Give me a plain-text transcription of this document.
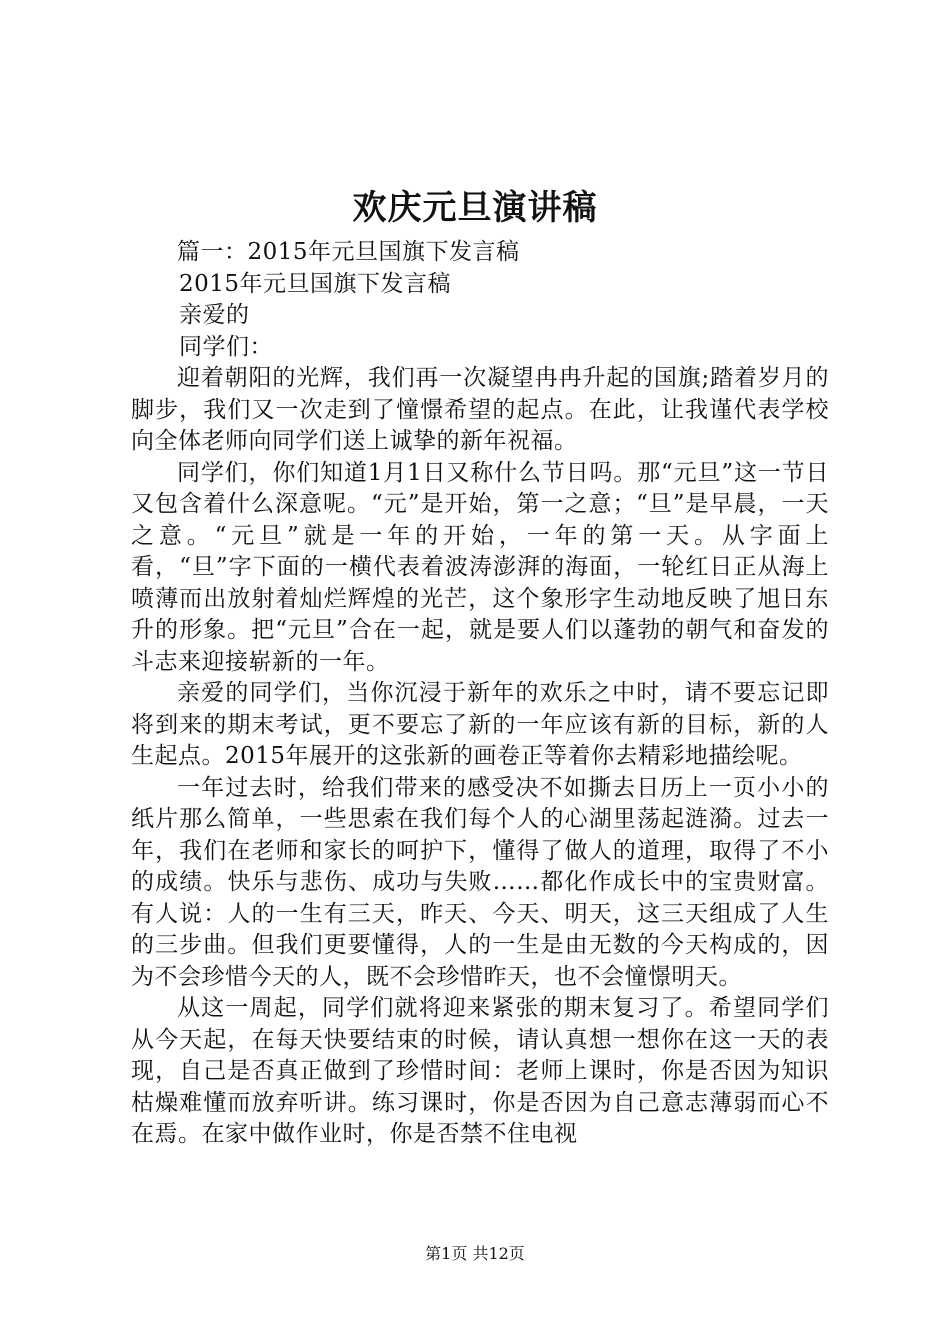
欢庆元旦演讲稿

篇一：2015年元旦国旗下发言稿

2015年元旦国旗下发言稿

亲爱的

同学们：

迎着朝阳的光辉，我们再一次凝望冉冉升起的国旗;踏着岁月的脚步，我们又一次走到了憧憬希望的起点。在此，让我谨代表学校向全体老师向同学们送上诚挚的新年祝福。

同学们，你们知道1月1日又称什么节日吗。那“元旦”这一节日又包含着什么深意呢。“元”是开始，第一之意；“旦”是早晨，一天之意。“元旦”就是一年的开始，一年的第一天。从字面上看，“旦”字下面的一横代表着波涛澎湃的海面，一轮红日正从海上喷薄而出放射着灿烂辉煌的光芒，这个象形字生动地反映了旭日东升的形象。把“元旦”合在一起，就是要人们以蓬勃的朝气和奋发的斗志来迎接崭新的一年。

亲爱的同学们，当你沉浸于新年的欢乐之中时，请不要忘记即将到来的期末考试，更不要忘了新的一年应该有新的目标，新的人生起点。2015年展开的这张新的画卷正等着你去精彩地描绘呢。

一年过去时，给我们带来的感受决不如撕去日历上一页小小的纸片那么简单，一些思索在我们每个人的心湖里荡起涟漪。过去一年，我们在老师和家长的呵护下，懂得了做人的道理，取得了不小的成绩。快乐与悲伤、成功与失败……都化作成长中的宝贵财富。有人说：人的一生有三天，昨天、今天、明天，这三天组成了人生的三步曲。但我们更要懂得，人的一生是由无数的今天构成的，因为不会珍惜今天的人，既不会珍惜昨天，也不会憧憬明天。

从这一周起，同学们就将迎来紧张的期末复习了。希望同学们从今天起，在每天快要结束的时候，请认真想一想你在这一天的表现，自己是否真正做到了珍惜时间：老师上课时，你是否因为知识枯燥难懂而放弃听讲。练习课时，你是否因为自己意志薄弱而心不在焉。在家中做作业时，你是否禁不住电视

第1页 共12页
